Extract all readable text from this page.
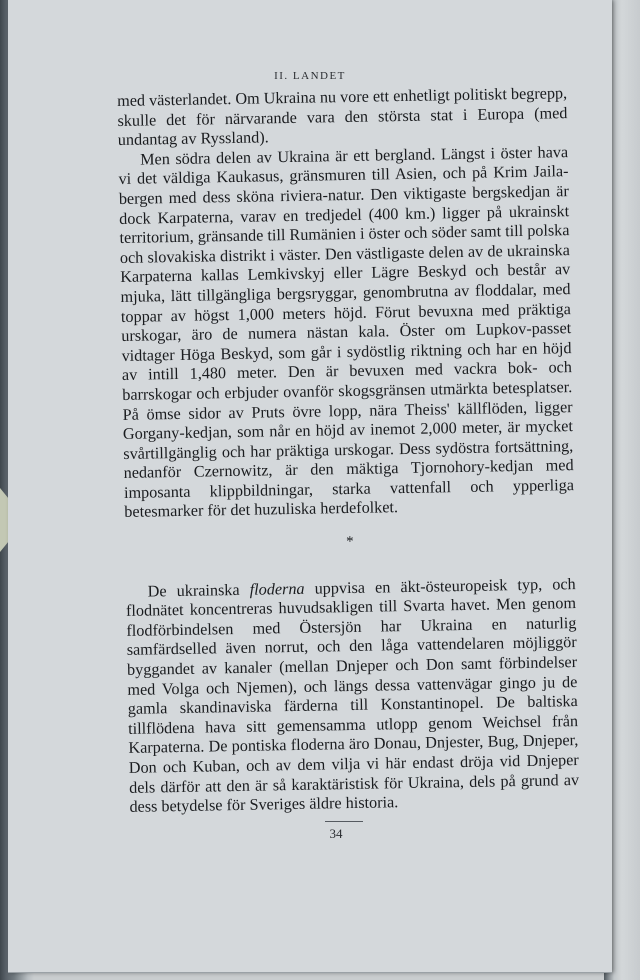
II. LANDET

med västerlandet. Om Ukraina nu vore ett enhetligt politiskt begrepp, skulle det för närvarande vara den största stat i Europa (med undantag av Ryssland).

Men södra delen av Ukraina är ett bergland. Längst i öster hava vi det väldiga Kaukasus, gränsmuren till Asien, och på Krim Jaila-bergen med dess sköna riviera-natur. Den viktigaste bergskedjan är dock Karpaterna, varav en tredjedel (400 km.) ligger på ukrainskt territorium, gränsande till Rumänien i öster och söder samt till polska och slovakiska distrikt i väster. Den västligaste delen av de ukrainska Karpaterna kallas Lemkivskyj eller Lägre Beskyd och består av mjuka, lätt tillgängliga bergsryggar, genombrutna av floddalar, med toppar av högst 1,000 meters höjd. Förut bevuxna med präktiga urskogar, äro de numera nästan kala. Öster om Lupkov-passet vidtager Höga Beskyd, som går i sydöstlig riktning och har en höjd av intill 1,480 meter. Den är bevuxen med vackra bok- och barrskogar och erbjuder ovanför skogsgränsen utmärkta betesplatser. På ömse sidor av Pruts övre lopp, nära Theiss' källflöden, ligger Gorgany-kedjan, som når en höjd av inemot 2,000 meter, är mycket svårtillgänglig och har präktiga urskogar. Dess sydöstra fortsättning, nedanför Czernowitz, är den mäktiga Tjornohory-kedjan med imposanta klippbildningar, starka vattenfall och ypperliga betesmarker för det huzuliska herdefolket.

*

De ukrainska floderna uppvisa en äkt-östeuropeisk typ, och flodnätet koncentreras huvudsakligen till Svarta havet. Men genom flodförbindelsen med Östersjön har Ukraina en naturlig samfärdselled även norrut, och den låga vattendelaren möjliggör byggandet av kanaler (mellan Dnjeper och Don samt förbindelser med Volga och Njemen), och längs dessa vattenvägar gingo ju de gamla skandinaviska färderna till Konstantinopel. De baltiska tillflödena hava sitt gemensamma utlopp genom Weichsel från Karpaterna. De pontiska floderna äro Donau, Dnjester, Bug, Dnjeper, Don och Kuban, och av dem vilja vi här endast dröja vid Dnjeper dels därför att den är så karaktäristisk för Ukraina, dels på grund av dess betydelse för Sveriges äldre historia.

34
